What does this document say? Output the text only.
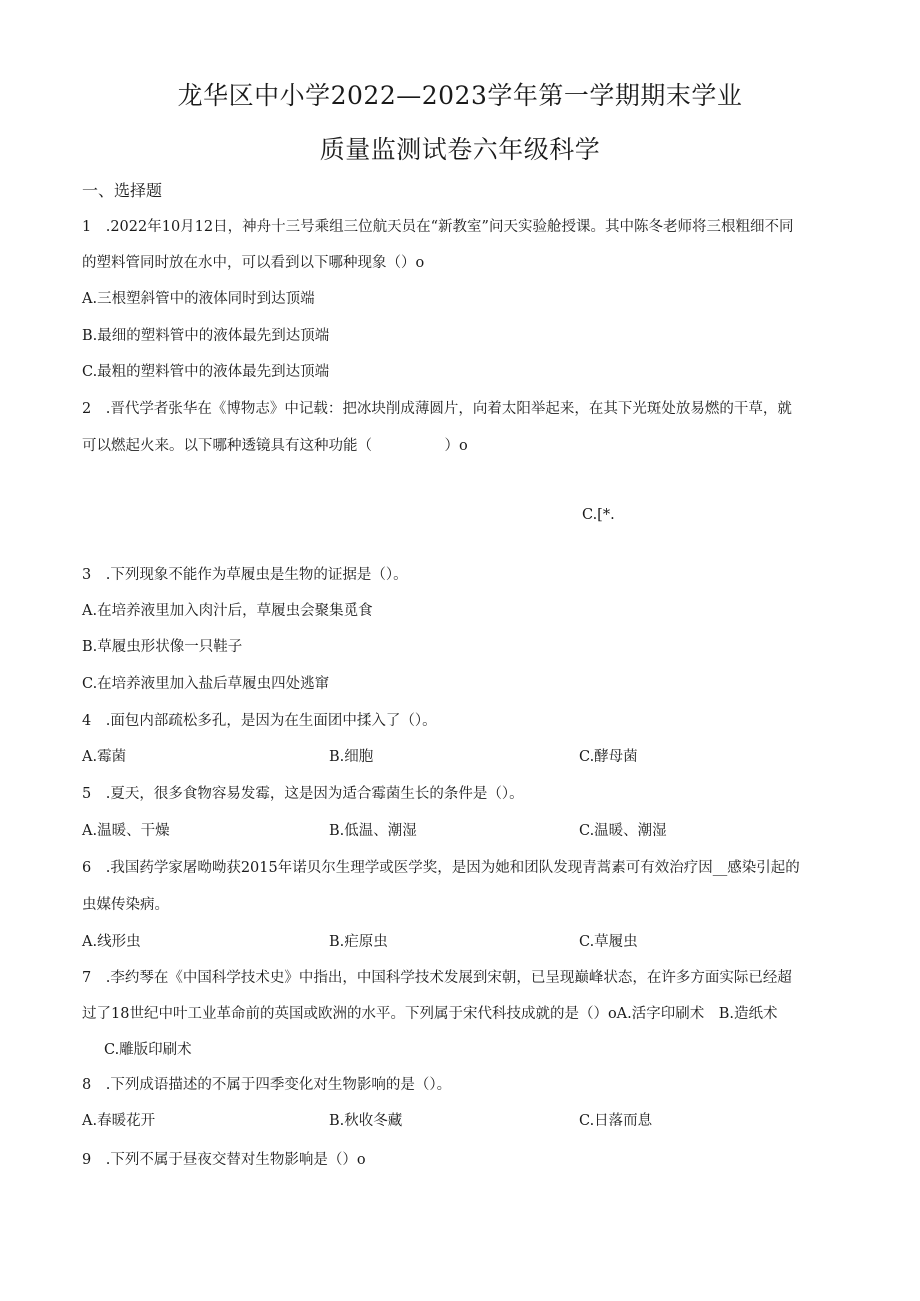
龙华区中小学2022—2023学年第一学期期末学业
质量监测试卷六年级科学
一、选择题
1　.2022年10月12日，神舟十三号乘组三位航天员在“新教室”问天实验舱授课。其中陈冬老师将三根粗细不同
的塑料管同时放在水中，可以看到以下哪种现象（）o
A.三根塑斜管中的液体同时到达顶端
B.最细的塑料管中的液体最先到达顶端
C.最粗的塑料管中的液体最先到达顶端
2　.晋代学者张华在《博物志》中记载：把冰块削成薄圆片，向着太阳举起来，在其下光斑处放易燃的干草，就
可以燃起火来。以下哪种透镜具有这种功能（　　　　　）o
C.[*.
3　.下列现象不能作为草履虫是生物的证据是（）。
A.在培养液里加入肉汁后，草履虫会聚集觅食
B.草履虫形状像一只鞋子
C.在培养液里加入盐后草履虫四处逃窜
4　.面包内部疏松多孔，是因为在生面团中揉入了（）。
A.霉菌	B.细胞	C.酵母菌
5　.夏天，很多食物容易发霉，这是因为适合霉菌生长的条件是（）。
A.温暖、干燥	B.低温、潮湿	C.温暖、潮湿
6　.我国药学家屠呦呦获2015年诺贝尔生理学或医学奖，是因为她和团队发现青蒿素可有效治疗因__感染引起的
虫媒传染病。
A.线形虫	B.疟原虫	C.草履虫
7　.李约琴在《中国科学技术史》中指出，中国科学技术发展到宋朝，已呈现巅峰状态，在许多方面实际已经超
过了18世纪中叶工业革命前的英国或欧洲的水平。下列属于宋代科技成就的是（）oA.活字印刷术　B.造纸术
C.雕版印刷术
8　.下列成语描述的不属于四季变化对生物影响的是（）。
A.春暖花开	B.秋收冬藏	C.日落而息
9　.下列不属于昼夜交替对生物影响是（）o
